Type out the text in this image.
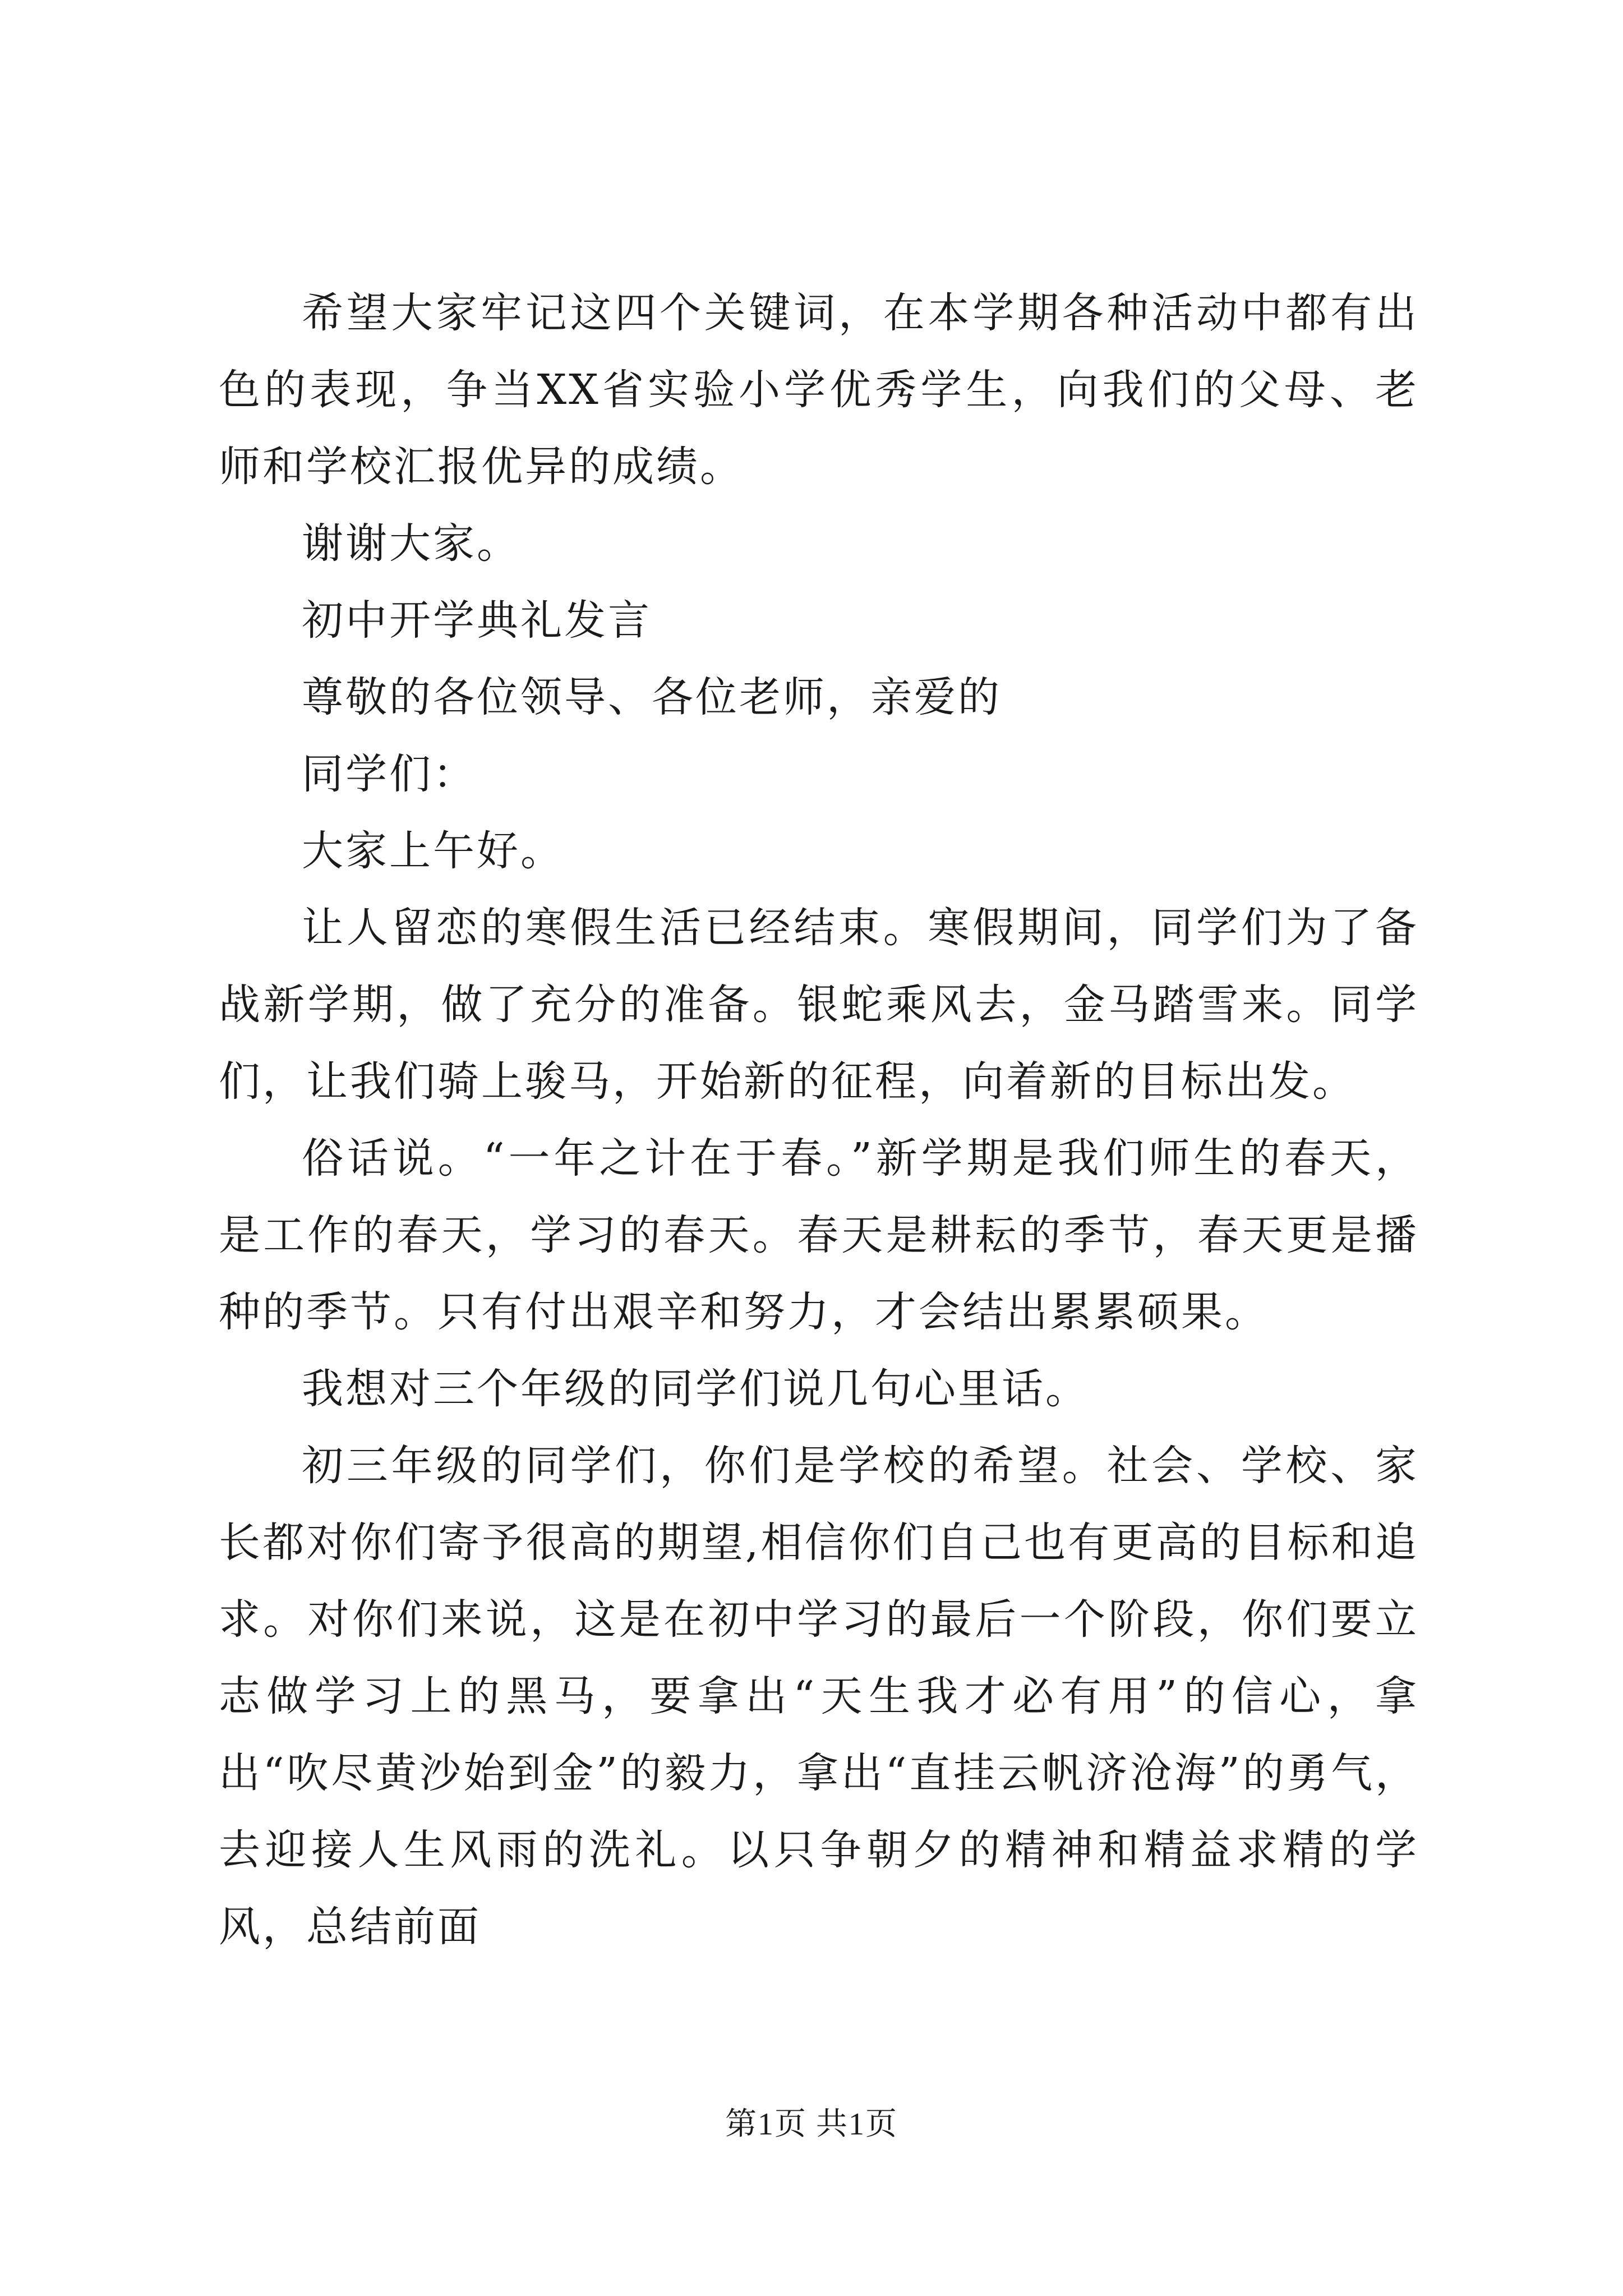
希望大家牢记这四个关键词，在本学期各种活动中都有出色的表现，争当XX省实验小学优秀学生，向我们的父母、老师和学校汇报优异的成绩。

谢谢大家。

初中开学典礼发言

尊敬的各位领导、各位老师，亲爱的

同学们：

大家上午好。

让人留恋的寒假生活已经结束。寒假期间，同学们为了备战新学期，做了充分的准备。银蛇乘风去，金马踏雪来。同学们，让我们骑上骏马，开始新的征程，向着新的目标出发。

俗话说。“一年之计在于春。”新学期是我们师生的春天，是工作的春天，学习的春天。春天是耕耘的季节，春天更是播种的季节。只有付出艰辛和努力，才会结出累累硕果。

我想对三个年级的同学们说几句心里话。

初三年级的同学们，你们是学校的希望。社会、学校、家长都对你们寄予很高的期望,相信你们自己也有更高的目标和追求。对你们来说，这是在初中学习的最后一个阶段，你们要立志做学习上的黑马，要拿出“天生我才必有用”的信心，拿出“吹尽黄沙始到金”的毅力，拿出“直挂云帆济沧海”的勇气，去迎接人生风雨的洗礼。以只争朝夕的精神和精益求精的学风，总结前面

第1页 共1页
